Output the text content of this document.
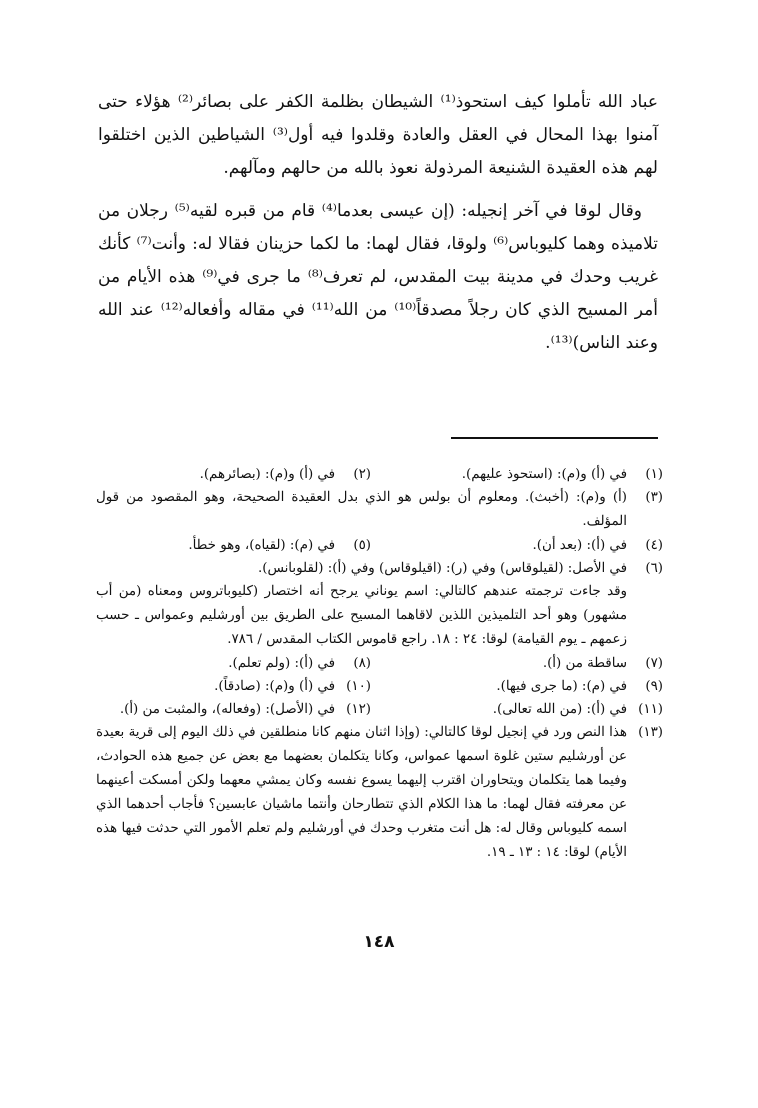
عباد الله تأملوا كيف استحوذ⁽¹⁾ الشيطان بظلمة الكفر على بصائر⁽²⁾ هؤلاء حتى آمنوا بهذا المحال في العقل والعادة وقلدوا فيه أول⁽³⁾ الشياطين الذين اختلقوا لهم هذه العقيدة الشنيعة المرذولة نعوذ بالله من حالهم ومآلهم.

وقال لوقا في آخر إنجيله: (إن عيسى بعدما⁽⁴⁾ قام من قبره لقيه⁽⁵⁾ رجلان من تلاميذه وهما كليوباس⁽⁶⁾ ولوقا، فقال لهما: ما لكما حزينان فقالا له: وأنت⁽⁷⁾ كأنك غريب وحدك في مدينة بيت المقدس، لم تعرف⁽⁸⁾ ما جرى في⁽⁹⁾ هذه الأيام من أمر المسيح الذي كان رجلاً مصدقاً⁽¹⁰⁾ من الله⁽¹¹⁾ في مقاله وأفعاله⁽¹²⁾ عند الله وعند الناس)⁽¹³⁾.

(١)
في (أ) و(م): (استحوذ عليهم).
(٢)
في (أ) و(م): (بصائرهم).
(٣)
(أ) و(م): (أخبث). ومعلوم أن بولس هو الذي بدل العقيدة الصحيحة، وهو المقصود من قول المؤلف.
(٤)
في (أ): (بعد أن).
(٥)
في (م): (لقياه)، وهو خطأ.
(٦)
في الأصل: (لقيلوقاس) وفي (ر): (اقيلوقاس) وفي (أ): (لقلوبانس).
وقد جاءت ترجمته عندهم كالتالي: اسم يوناني يرجح أنه اختصار (كليوباتروس ومعناه (من أب مشهور) وهو أحد التلميذين اللذين لاقاهما المسيح على الطريق بين أورشليم وعمواس ـ حسب زعمهم ـ يوم القيامة) لوقا: ٢٤ : ١٨. راجع قاموس الكتاب المقدس / ٧٨٦.
(٧)
ساقطة من (أ).
(٨)
في (أ): (ولم تعلم).
(٩)
في (م): (ما جرى فيها).
(١٠)
في (أ) و(م): (صادقاً).
(١١)
في (أ): (من الله تعالى).
(١٢)
في (الأصل): (وفعاله)، والمثبت من (أ).
(١٣)
هذا النص ورد في إنجيل لوقا كالتالي: (وإذا اثنان منهم كانا منطلقين في ذلك اليوم إلى قرية بعيدة عن أورشليم ستين غلوة اسمها عمواس، وكانا يتكلمان بعضهما مع بعض عن جميع هذه الحوادث، وفيما هما يتكلمان ويتحاوران اقترب إليهما يسوع نفسه وكان يمشي معهما ولكن أمسكت أعينهما عن معرفته فقال لهما: ما هذا الكلام الذي تتطارحان وأنتما ماشيان عابسين؟ فأجاب أحدهما الذي اسمه كليوباس وقال له: هل أنت متغرب وحدك في أورشليم ولم تعلم الأمور التي حدثت فيها هذه الأيام) لوقا: ١٤ : ١٣ ـ ١٩.
١٤٨
